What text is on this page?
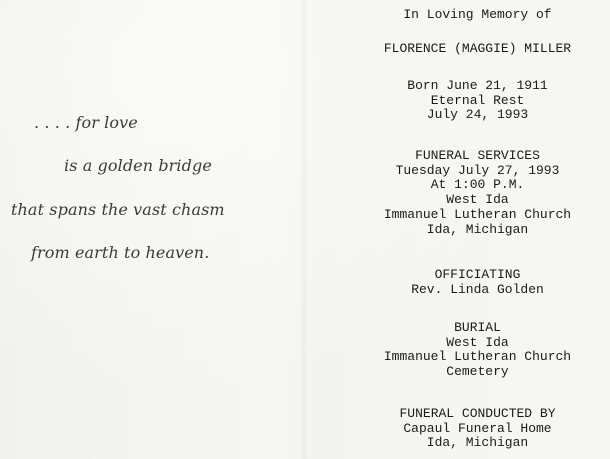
. . . . for love
is a golden bridge
that spans the vast chasm
from earth to heaven.
In Loving Memory of
FLORENCE (MAGGIE) MILLER
Born June 21, 1911
Eternal Rest
July 24, 1993
FUNERAL SERVICES
Tuesday July 27, 1993
At 1:00 P.M.
West Ida
Immanuel Lutheran Church
Ida, Michigan
OFFICIATING
Rev. Linda Golden
BURIAL
West Ida
Immanuel Lutheran Church
Cemetery
FUNERAL CONDUCTED BY
Capaul Funeral Home
Ida, Michigan
